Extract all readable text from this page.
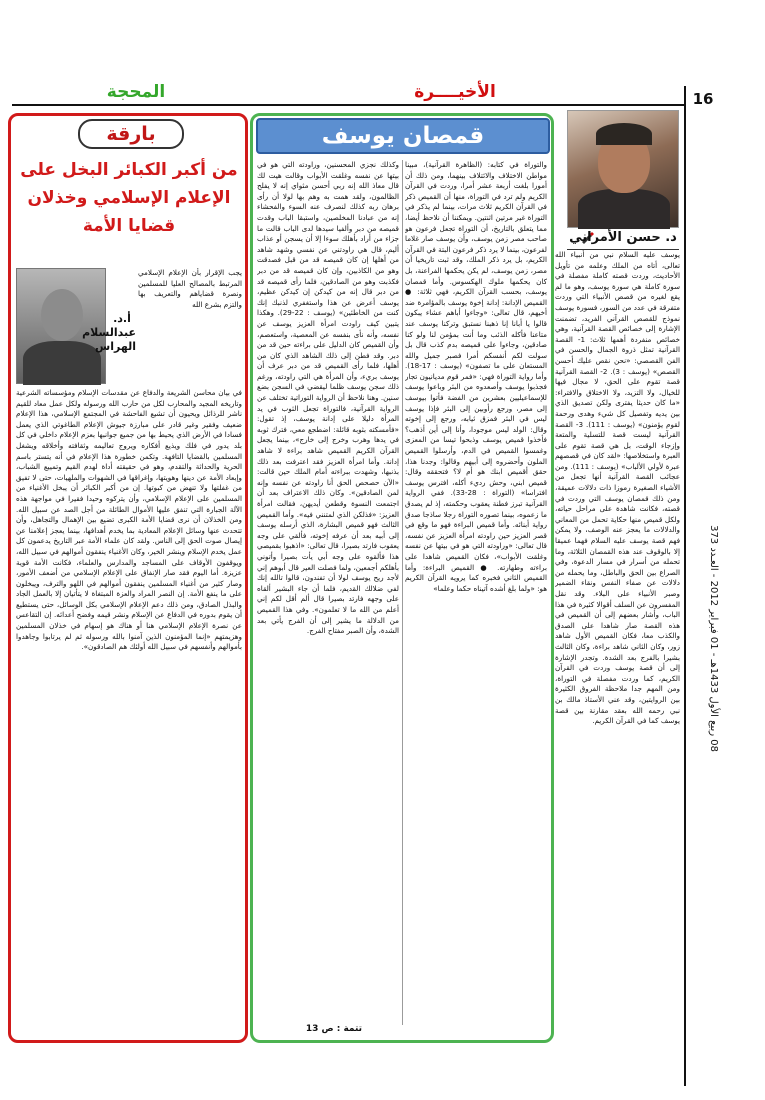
16
الأخيــــرة
المحجة
08 ربيع الأول 1433هـ - 01 فبراير 2012 - العـدد 373
د. حسن الأمراني
يوسف عليه السلام نبي من أنبياء الله تعالى، أتاه من الملك وعلمه من تأويل الأحاديث، وردت قصته كاملة مفصلة في سورة كاملة هي سورة يوسف، وهو ما لم يقع لغيره من قصص الأنبياء التي وردت متفرقة في عدد من السور، فسورة يوسف نموذج للقصص القرآني الفريد، تضمنت الإشارة إلى خصائص القصة القرآنية، وهي خصائص منفردة أهمها ثلاث: 1- القصة القرآنية تمثل ذروة الجمال والحسن في الفن القصصي: «نحن نقص عليك أحسن القصص» (يوسف : 3). 2- القصة القرآنية قصة تقوم على الحق، لا مجال فيها للخيال، ولا التزيد، ولا الاختلاق والافتراء: «ما كان حديثا يفترى ولكن تصديق الذي بين يديه وتفصيل كل شيء وهدى ورحمة لقوم يؤمنون» (يوسف : 111). 3- القصة القرآنية ليست قصة للتسلية والمتعة وإزجاء الوقت، بل هي قصة تقوم على العبرة واستخلاصها: «لقد كان في قصصهم عبرة لأولي الألباب» (يوسف : 111). ومن عجائب القصة القرآنية أنها تجعل من الأشياء الصغيرة رموزا ذات دلالات عميقة، ومن ذلك قمصان يوسف التي وردت في قصته، فكانت شاهدة على مراحل حياته، ولكل قميص منها حكاية تحمل من المعاني والدلالات ما يعجز عنه الوصف، ولا يمكن فهم قصة يوسف عليه السلام فهما عميقا إلا بالوقوف عند هذه القمصان الثلاثة، وما تحمله من أسرار في مسار الدعوة، وفي الصراع بين الحق والباطل، وما يحمله من دلالات عن صفاء النفس ونقاء الضمير وصبر الأنبياء على البلاء. وقد نقل المفسرون عن السلف أقوالا كثيرة في هذا الباب، وأشار بعضهم إلى أن القميص في هذه القصة صار شاهدا على الصدق والكذب معا، فكان القميص الأول شاهد زور، وكان الثاني شاهد براءة، وكان الثالث بشيرا بالفرج بعد الشدة. وتجدر الإشارة إلى أن قصة يوسف وردت في القرآن الكريم، كما وردت مفصلة في التوراة، ومن المهم جدا ملاحظة الفروق الكثيرة بين الروايتين، وقد عني الأستاذ مالك بن نبي رحمه الله بعقد مقارنة بين قصة يوسف كما في القرآن الكريم.
قمصان يوسف
والتوراة في كتابه: (الظاهرة القرآنية)، مبينا مواطن الاختلاف والائتلاف بينهما، ومن ذلك أن أمورا بلغت أربعة عشر أمرا، وردت في القرآن الكريم ولم ترد في التوراة، منها أن القميص ذكر في القرآن الكريم ثلاث مرات، بينما لم يذكر في التوراة غير مرتين اثنتين. ويمكننا أن نلاحظ أيضا، مما يتعلق بالتاريخ، أن التوراة تجعل فرعون هو صاحب مصر زمن يوسف، وأن يوسف صار غلاما لفرعون، بينما لا يرد ذكر فرعون البتة في القرآن الكريم، بل يرد ذكر الملك، وقد ثبت تاريخيا أن مصر، زمن يوسف، لم يكن يحكمها الفراعنة، بل كان يحكمها ملوك الهكسوس. وأما قمصان يوسف، بحسب القرآن الكريم، فهي ثلاثة: ● القميص الإدانة: إدانة إخوة يوسف بالمؤامرة ضد أخيهم، قال تعالى: «وجاءوا أباهم عشاء يبكون قالوا يا أبانا إنا ذهبنا نستبق وتركنا يوسف عند متاعنا فأكله الذئب وما أنت بمؤمن لنا ولو كنا صادقين، وجاءوا على قميصه بدم كذب قال بل سولت لكم أنفسكم أمرا فصبر جميل والله المستعان على ما تصفون» (يوسف : 17-18). وأما رواية التوراة فهي: «فمر قوم مديانيون تجار فجذبوا يوسف وأصعدوه من البئر وباعوا يوسف للإسماعيليين بعشرين من الفضة فأتوا بيوسف إلى مصر، ورجع رأوبين إلى البئر فإذا يوسف ليس في البئر فمزق ثيابه، ورجع إلى إخوته وقال: الولد ليس موجودا، وأنا إلى أين أذهب؟ فأخذوا قميص يوسف وذبحوا تيسا من المعزى وغمسوا القميص في الدم، وأرسلوا القميص الملون وأحضروه إلى أبيهم وقالوا: وجدنا هذا، حقق أقميص ابنك هو أم لا؟ فتحققه وقال: قميص ابني، وحش رديء أكله، افترس يوسف افتراسا» (التوراة : 28-33). ففي الرواية القرآنية تبرز فطنة يعقوب وحكمته، إذ لم يصدق ما زعموه، بينما تصوره التوراة رجلا ساذجا صدق رواية أبنائه. وأما قميص البراءة فهو ما وقع في قصر العزيز حين راودته امرأة العزيز عن نفسه، قال تعالى: «وراودته التي هو في بيتها عن نفسه وغلقت الأبواب»، فكان القميص شاهدا على براءته وطهارته. ● القميص البراءة: وأما القميص الثاني فخبره كما يرويه القرآن الكريم هو: «ولما بلغ أشده آتيناه حكما وعلما»
وكذلك نجزي المحسنين، وراودته التي هو في بيتها عن نفسه وغلقت الأبواب وقالت هيت لك قال معاذ الله إنه ربي أحسن مثواي إنه لا يفلح الظالمون، ولقد همت به وهم بها لولا أن رأى برهان ربه كذلك لنصرف عنه السوء والفحشاء إنه من عبادنا المخلصين، واستبقا الباب وقدت قميصه من دبر وألفيا سيدها لدى الباب قالت ما جزاء من أراد بأهلك سوءا إلا أن يسجن أو عذاب أليم، قال هي راودتني عن نفسي وشهد شاهد من أهلها إن كان قميصه قد من قبل فصدقت وهو من الكاذبين، وإن كان قميصه قد من دبر فكذبت وهو من الصادقين، فلما رأى قميصه قد من دبر قال إنه من كيدكن إن كيدكن عظيم، يوسف أعرض عن هذا واستغفري لذنبك إنك كنت من الخاطئين» (يوسف : 22-29). وهكذا يتبين كيف راودت امرأة العزيز يوسف عن نفسه، وأنه نأى بنفسه عن المعصية، واستعصم، وأن القميص كان الدليل على براءته حين قد من دبر. وقد فطن إلى ذلك الشاهد الذي كان من أهلها، فلما رأى القميص قد من دبر عرف أن يوسف بريء، وأن المرأة هي التي راودته، ورغم ذلك سجن يوسف ظلما ليقضي في السجن بضع سنين. وهنا نلاحظ أن الرواية التوراتية تختلف عن الرواية القرآنية، فالتوراة تجعل الثوب في يد المرأة دليلا على إدانة يوسف، إذ تقول: «فأمسكته بثوبه قائلة: اضطجع معي، فترك ثوبه في يدها وهرب وخرج إلى خارج»، بينما يجعل القرآن الكريم القميص شاهد براءة لا شاهد إدانة. وأما امرأة العزيز فقد اعترفت بعد ذلك بذنبها، وشهدت ببراءته أمام الملك حين قالت: «الآن حصحص الحق أنا راودته عن نفسه وإنه لمن الصادقين». وكان ذلك الاعتراف بعد أن اجتمعت النسوة وقطعن أيديهن، فقالت امرأة العزيز: «فذلكن الذي لمتنني فيه». وأما القميص الثالث فهو قميص البشارة، الذي أرسله يوسف إلى أبيه بعد أن عرفه إخوته، فألقي على وجه يعقوب فارتد بصيرا، قال تعالى: «اذهبوا بقميصي هذا فألقوه على وجه أبي يأت بصيرا وأتوني بأهلكم أجمعين، ولما فصلت العير قال أبوهم إني لأجد ريح يوسف لولا أن تفندون، قالوا تالله إنك لفي ضلالك القديم، فلما أن جاء البشير ألقاه على وجهه فارتد بصيرا قال ألم أقل لكم إني أعلم من الله ما لا تعلمون». وفي هذا القميص من الدلالة ما يشير إلى أن الفرج يأتي بعد الشدة، وأن الصبر مفتاح الفرج.
تتمة : ص 13
بارقة
من أكبر الكبائر البخل على الإعلام الإسلامي وخذلان قضايا الأمة
أ.د. عبدالسلام الهراس
يجب الإقرار بأن الإعلام الإسلامي المرتبط بالمصالح العليا للمسلمين ونصرة قضاياهم والتعريف بها والتزم بشرع الله
في بيان محاسن الشريعة والدفاع عن مقدسات الإسلام ومؤسساته الشرعية وتاريخه المجيد والمحارب لكل من حارب الله ورسوله ولكل عمل معاد للقيم ناشر للرذائل ويحيون أن تشيع الفاحشة في المجتمع الإسلامي، هذا الإعلام ضعيف وفقير وغير قادر على مبارزة جيوش الإعلام الطاغوتي الذي يعمل فسادا في الأرض الذي يحيط بها من جميع جوانبها بعزم الإعلام داخلي في كل بلد يدور في فلك ويذيع أفكاره ويروج تعاليمه وثقافته وأخلاقه ويشغل المسلمين بالقضايا التافهة. وتكمن خطورة هذا الإعلام في أنه يتستر باسم الحرية والحداثة والتقدم، وهو في حقيقته أداة لهدم القيم وتمييع الشباب، وإبعاد الأمة عن دينها وهويتها، وإغراقها في الشهوات والملهيات، حتى لا تفيق من غفلتها ولا تنهض من كبوتها. إن من أكبر الكبائر أن يبخل الأغنياء من المسلمين على الإعلام الإسلامي، وأن يتركوه وحيدا فقيرا في مواجهة هذه الآلة الجبارة التي تنفق عليها الأموال الطائلة من أجل الصد عن سبيل الله. ومن الخذلان أن نرى قضايا الأمة الكبرى تضيع بين الإهمال والتجاهل، وأن تتحدث عنها وسائل الإعلام المعادية بما يخدم أهدافها، بينما يعجز إعلامنا عن إيصال صوت الحق إلى الناس. ولقد كان علماء الأمة عبر التاريخ يدعمون كل عمل يخدم الإسلام وينشر الخير، وكان الأغنياء ينفقون أموالهم في سبيل الله، ويوقفون الأوقاف على المساجد والمدارس والعلماء، فكانت الأمة قوية عزيزة. أما اليوم فقد صار الإنفاق على الإعلام الإسلامي من أضعف الأمور، وصار كثير من أغنياء المسلمين ينفقون أموالهم في اللهو والترف، ويبخلون على ما ينفع الأمة. إن النصر المراد والعزة المبتغاة لا يتأتيان إلا بالعمل الجاد والبذل الصادق، ومن ذلك دعم الإعلام الإسلامي بكل الوسائل، حتى يستطيع أن يقوم بدوره في الدفاع عن الإسلام ونشر قيمه وفضح أعدائه. إن التقاعس عن نصرة الإعلام الإسلامي هنا أو هناك هو إسهام في خذلان المسلمين وهزيمتهم «إنما المؤمنون الذين آمنوا بالله ورسوله ثم لم يرتابوا وجاهدوا بأموالهم وأنفسهم في سبيل الله أولئك هم الصادقون».
